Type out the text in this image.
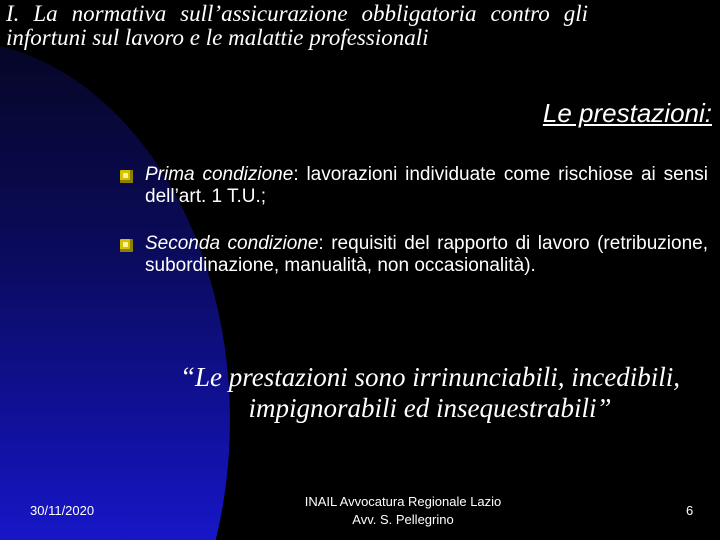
I. La normativa sull’assicurazione obbligatoria contro gli infortuni sul lavoro e le malattie professionali
Le prestazioni:
Prima condizione: lavorazioni individuate come rischiose ai sensi dell’art. 1 T.U.;
Seconda condizione: requisiti del rapporto di lavoro (retribuzione, subordinazione, manualità, non occasionalità).
“Le prestazioni sono irrinunciabili, incedibili, impignorabili ed insequestrabili”
30/11/2020
INAIL Avvocatura Regionale Lazio
Avv. S. Pellegrino
6
